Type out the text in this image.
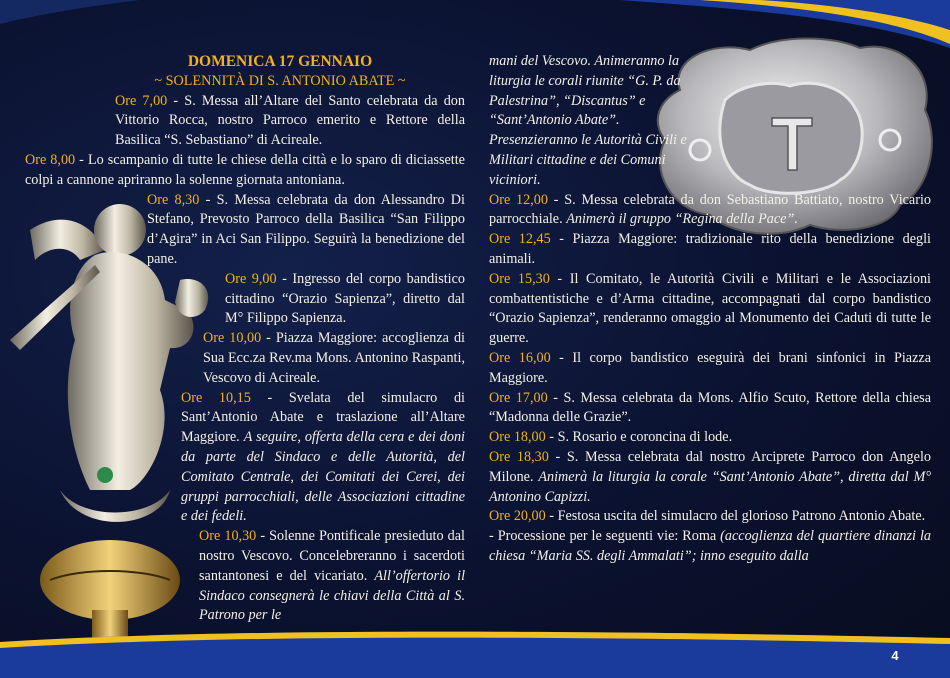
DOMENICA 17 GENNAIO

~ SOLENNITÀ DI S. ANTONIO ABATE ~

Ore 7,00 - S. Messa all’Altare del Santo celebrata da don Vittorio Rocca, nostro Parroco emerito e Rettore della Basilica “S. Sebastiano” di Acireale.

Ore 8,00 - Lo scampanio di tutte le chiese della città e lo sparo di diciassette colpi a cannone apriranno la solenne giornata antoniana.

Ore 8,30 - S. Messa celebrata da don Alessandro Di Stefano, Prevosto Parroco della Basilica “San Filippo d’Agira” in Aci San Filippo. Seguirà la benedizione del pane.

Ore 9,00 - Ingresso del corpo bandistico cittadino “Orazio Sapienza”, diretto dal M° Filippo Sapienza.

Ore 10,00 - Piazza Maggiore: accoglienza di Sua Ecc.za Rev.ma Mons. Antonino Raspanti, Vescovo di Acireale.

Ore 10,15 - Svelata del simulacro di Sant’Antonio Abate e traslazione all’Altare Maggiore. A seguire, offerta della cera e dei doni da parte del Sindaco e delle Autorità, del Comitato Centrale, dei Comitati dei Cerei, dei gruppi parrocchiali, delle Associazioni cittadine e dei fedeli.

Ore 10,30 - Solenne Pontificale presieduto dal nostro Vescovo. Concelebreranno i sacerdoti santantonesi e del vicariato. All’offertorio il Sindaco consegnerà le chiavi della Città al S. Patrono per le

mani del Vescovo. Animeranno la liturgia le corali riunite “G. P. da Palestrina”, “Discantus” e “Sant’Antonio Abate”. Presenzieranno le Autorità Civili e Militari cittadine e dei Comuni viciniori.

Ore 12,00 - S. Messa celebrata da don Sebastiano Battiato, nostro Vicario parrocchiale. Animerà il gruppo “Regina della Pace”.

Ore 12,45 - Piazza Maggiore: tradizionale rito della benedizione degli animali.

Ore 15,30 - Il Comitato, le Autorità Civili e Militari e le Associazioni combattentistiche e d’Arma cittadine, accompagnati dal corpo bandistico “Orazio Sapienza”, renderanno omaggio al Monumento dei Caduti di tutte le guerre.

Ore 16,00 - Il corpo bandistico eseguirà dei brani sinfonici in Piazza Maggiore.

Ore 17,00 - S. Messa celebrata da Mons. Alfio Scuto, Rettore della chiesa “Madonna delle Grazie”.

Ore 18,00 - S. Rosario e coroncina di lode.

Ore 18,30 - S. Messa celebrata dal nostro Arciprete Parroco don Angelo Milone. Animerà la liturgia la corale “Sant’Antonio Abate”, diretta dal M° Antonino Capizzi.

Ore 20,00 - Festosa uscita del simulacro del glorioso Patrono Antonio Abate.

- Processione per le seguenti vie: Roma (accoglienza del quartiere dinanzi la chiesa “Maria SS. degli Ammalati”; inno eseguito dalla

4
